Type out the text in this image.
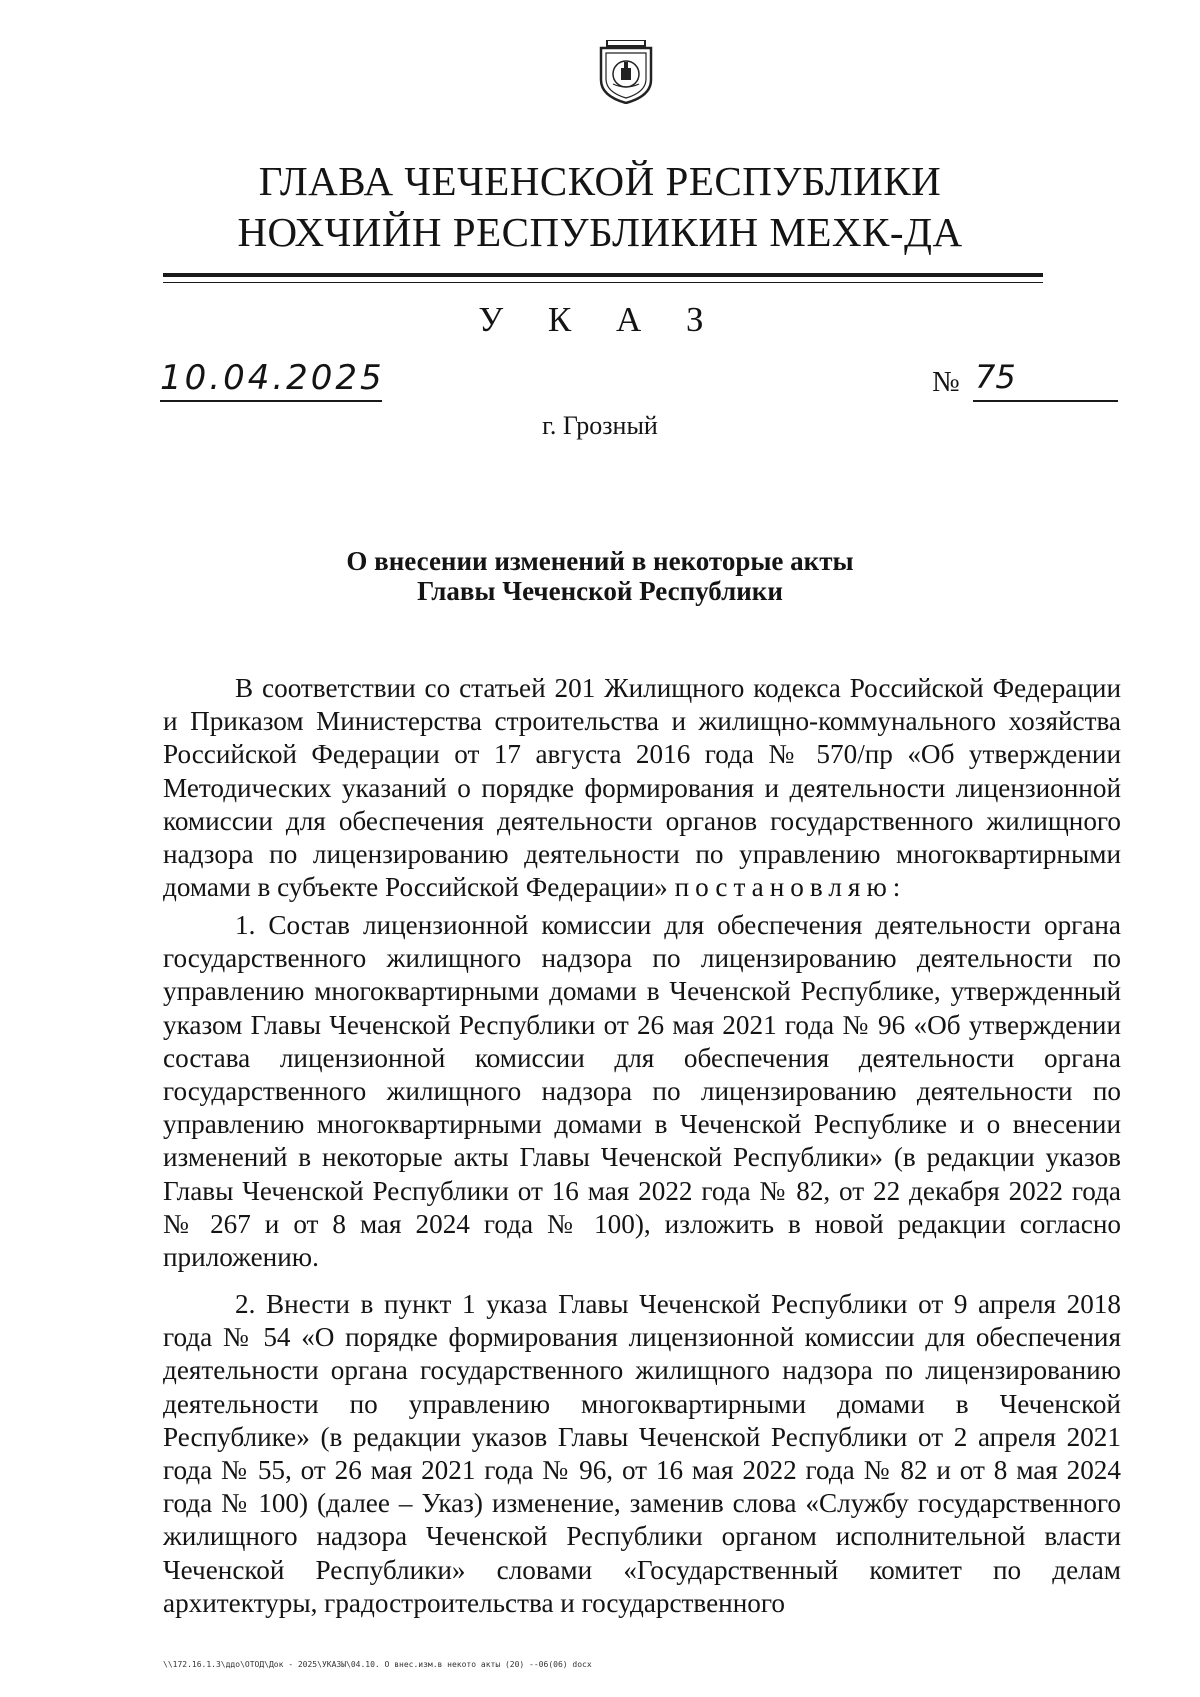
ГЛАВА ЧЕЧЕНСКОЙ РЕСПУБЛИКИ
НОХЧИЙН РЕСПУБЛИКИН МЕХК-ДА
У К А З
10.04.2025	№ 75
г. Грозный
О внесении изменений в некоторые акты
Главы Чеченской Республики

В соответствии со статьей 201 Жилищного кодекса Российской Федерации и Приказом Министерства строительства и жилищно-коммунального хозяйства Российской Федерации от 17 августа 2016 года № 570/пр «Об утверждении Методических указаний о порядке формирования и деятельности лицензионной комиссии для обеспечения деятельности органов государственного жилищного надзора по лицензированию деятельности по управлению многоквартирными домами в субъекте Российской Федерации» постановляю:

1. Состав лицензионной комиссии для обеспечения деятельности органа государственного жилищного надзора по лицензированию деятельности по управлению многоквартирными домами в Чеченской Республике, утвержденный указом Главы Чеченской Республики от 26 мая 2021 года № 96 «Об утверждении состава лицензионной комиссии для обеспечения деятельности органа государственного жилищного надзора по лицензированию деятельности по управлению многоквартирными домами в Чеченской Республике и о внесении изменений в некоторые акты Главы Чеченской Республики» (в редакции указов Главы Чеченской Республики от 16 мая 2022 года № 82, от 22 декабря 2022 года № 267 и от 8 мая 2024 года № 100), изложить в новой редакции согласно приложению.

2. Внести в пункт 1 указа Главы Чеченской Республики от 9 апреля 2018 года № 54 «О порядке формирования лицензионной комиссии для обеспечения деятельности органа государственного жилищного надзора по лицензированию деятельности по управлению многоквартирными домами в Чеченской Республике» (в редакции указов Главы Чеченской Республики от 2 апреля 2021 года № 55, от 26 мая 2021 года № 96, от 16 мая 2022 года № 82 и от 8 мая 2024 года № 100) (далее – Указ) изменение, заменив слова «Службу государственного жилищного надзора Чеченской Республики органом исполнительной власти Чеченской Республики» словами «Государственный комитет по делам архитектуры, градостроительства и государственного

\\172.16.1.3\ддо\ОТОД\Док - 2025\УКАЗЫ\04.10. О внес.изм.в некото акты (20) --06(06) docx
